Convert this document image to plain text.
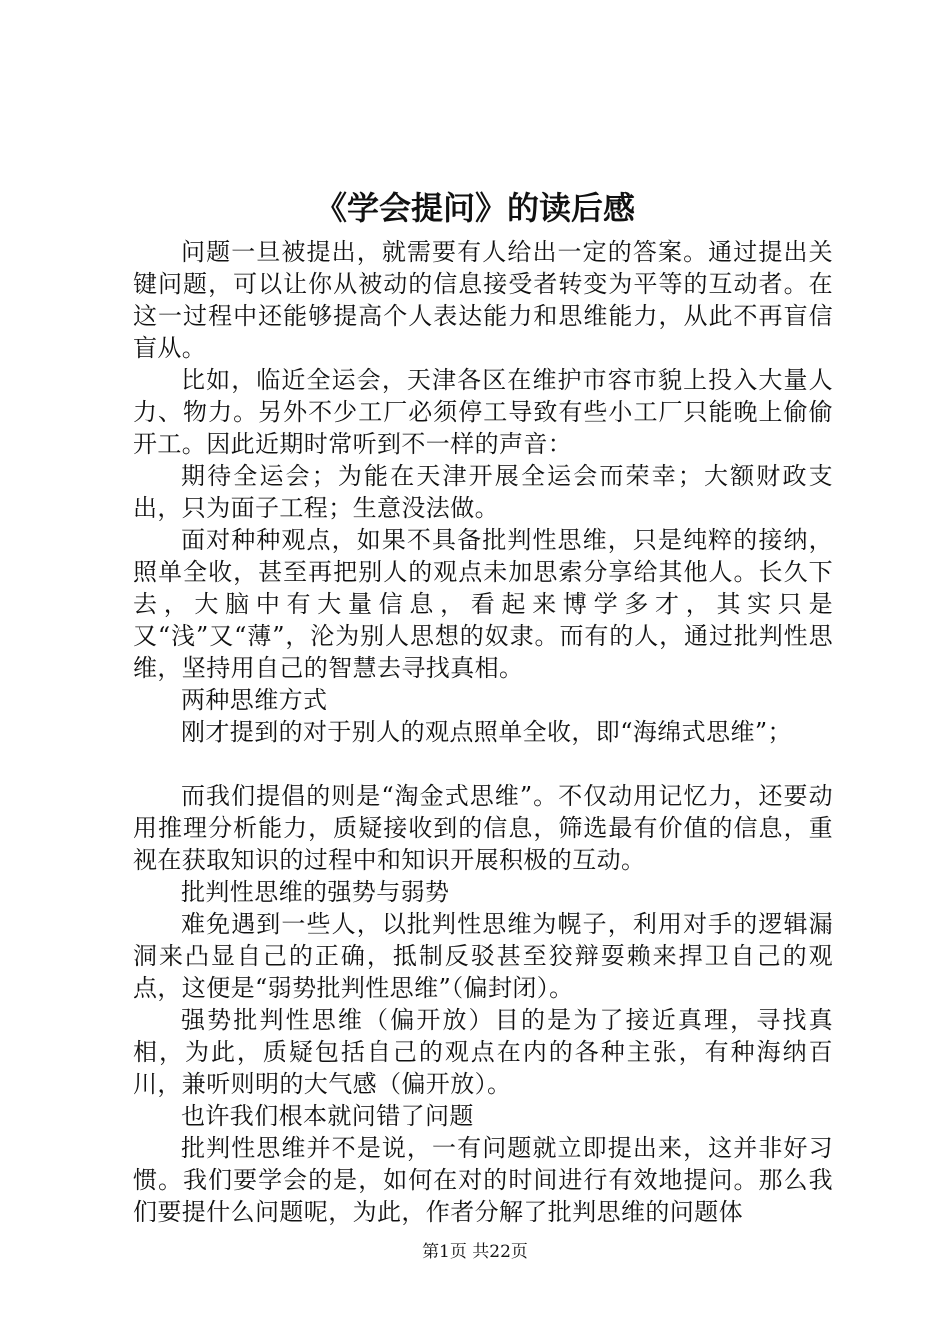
《学会提问》的读后感

问题一旦被提出，就需要有人给出一定的答案。通过提出关键问题，可以让你从被动的信息接受者转变为平等的互动者。在这一过程中还能够提高个人表达能力和思维能力，从此不再盲信盲从。

比如，临近全运会，天津各区在维护市容市貌上投入大量人力、物力。另外不少工厂必须停工导致有些小工厂只能晚上偷偷开工。因此近期时常听到不一样的声音：

期待全运会；为能在天津开展全运会而荣幸；大额财政支出，只为面子工程；生意没法做。

面对种种观点，如果不具备批判性思维，只是纯粹的接纳，照单全收，甚至再把别人的观点未加思索分享给其他人。长久下去，大脑中有大量信息，看起来博学多才，其实只是又“浅”又“薄”，沦为别人思想的奴隶。而有的人，通过批判性思维，坚持用自己的智慧去寻找真相。

两种思维方式

刚才提到的对于别人的观点照单全收，即“海绵式思维”；

而我们提倡的则是“淘金式思维”。不仅动用记忆力，还要动用推理分析能力，质疑接收到的信息，筛选最有价值的信息，重视在获取知识的过程中和知识开展积极的互动。

批判性思维的强势与弱势

难免遇到一些人，以批判性思维为幌子，利用对手的逻辑漏洞来凸显自己的正确，抵制反驳甚至狡辩耍赖来捍卫自己的观点，这便是“弱势批判性思维”（偏封闭）。

强势批判性思维（偏开放）目的是为了接近真理，寻找真相，为此，质疑包括自己的观点在内的各种主张，有种海纳百川，兼听则明的大气感（偏开放）。

也许我们根本就问错了问题

批判性思维并不是说，一有问题就立即提出来，这并非好习惯。我们要学会的是，如何在对的时间进行有效地提问。那么我们要提什么问题呢，为此，作者分解了批判思维的问题体

第1页 共22页
